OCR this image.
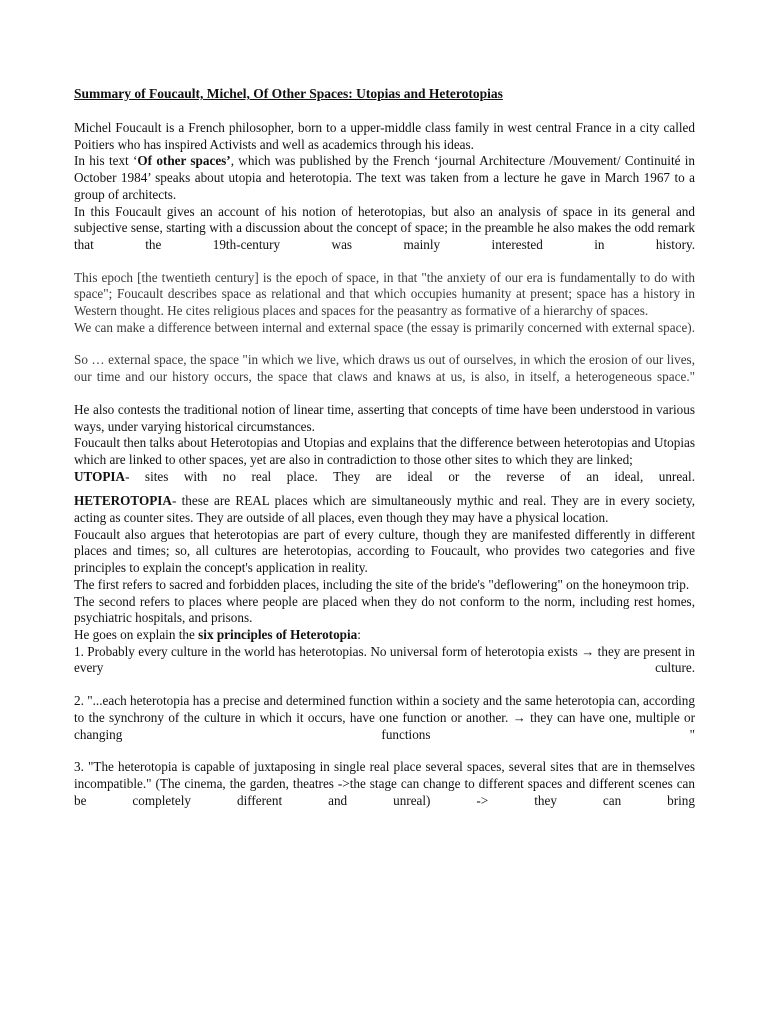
Summary of Foucault, Michel, Of Other Spaces: Utopias and Heterotopias

Michel Foucault is a French philosopher, born to a upper-middle class family in west central France in a city called Poitiers who has inspired Activists and well as academics through his ideas.

In his text ‘Of other spaces’, which was published by the French ‘journal Architecture /Mouvement/ Continuité in October 1984’ speaks about utopia and heterotopia. The text was taken from a lecture he gave in March 1967 to a group of architects.

In this Foucault gives an account of his notion of heterotopias, but also an analysis of space in its general and subjective sense, starting with a discussion about the concept of space; in the preamble he also makes the odd remark that the 19th-century was mainly interested in history.

This epoch [the twentieth century] is the epoch of space, in that "the anxiety of our era is fundamentally to do with space"; Foucault describes space as relational and that which occupies humanity at present; space has a history in Western thought. He cites religious places and spaces for the peasantry as formative of a hierarchy of spaces.

We can make a difference between internal and external space (the essay is primarily concerned with external space).

So … external space, the space "in which we live, which draws us out of ourselves, in which the erosion of our lives, our time and our history occurs, the space that claws and knaws at us, is also, in itself, a heterogeneous space."

He also contests the traditional notion of linear time, asserting that concepts of time have been understood in various ways, under varying historical circumstances.

Foucault then talks about Heterotopias and Utopias and explains that the difference between heterotopias and Utopias which are linked to other spaces, yet are also in contradiction to those other sites to which they are linked;

UTOPIA- sites with no real place. They are ideal or the reverse of an ideal, unreal.

HETEROTOPIA- these are REAL places which are simultaneously mythic and real. They are in every society, acting as counter sites. They are outside of all places, even though they may have a physical location.

Foucault also argues that heterotopias are part of every culture, though they are manifested differently in different places and times; so, all cultures are heterotopias, according to Foucault, who provides two categories and five principles to explain the concept's application in reality.

The first refers to sacred and forbidden places, including the site of the bride's "deflowering" on the honeymoon trip.

The second refers to places where people are placed when they do not conform to the norm, including rest homes, psychiatric hospitals, and prisons.

He goes on explain the six principles of Heterotopia:

1. Probably every culture in the world has heterotopias. No universal form of heterotopia exists → they are present in every culture.

2. "...each heterotopia has a precise and determined function within a society and the same heterotopia can, according to the synchrony of the culture in which it occurs, have one function or another. → they can have one, multiple or changing functions "

3. "The heterotopia is capable of juxtaposing in single real place several spaces, several sites that are in themselves incompatible." (The cinema, the garden, theatres ->the stage can change to different spaces and different scenes can be completely different and unreal) -> they can bring
